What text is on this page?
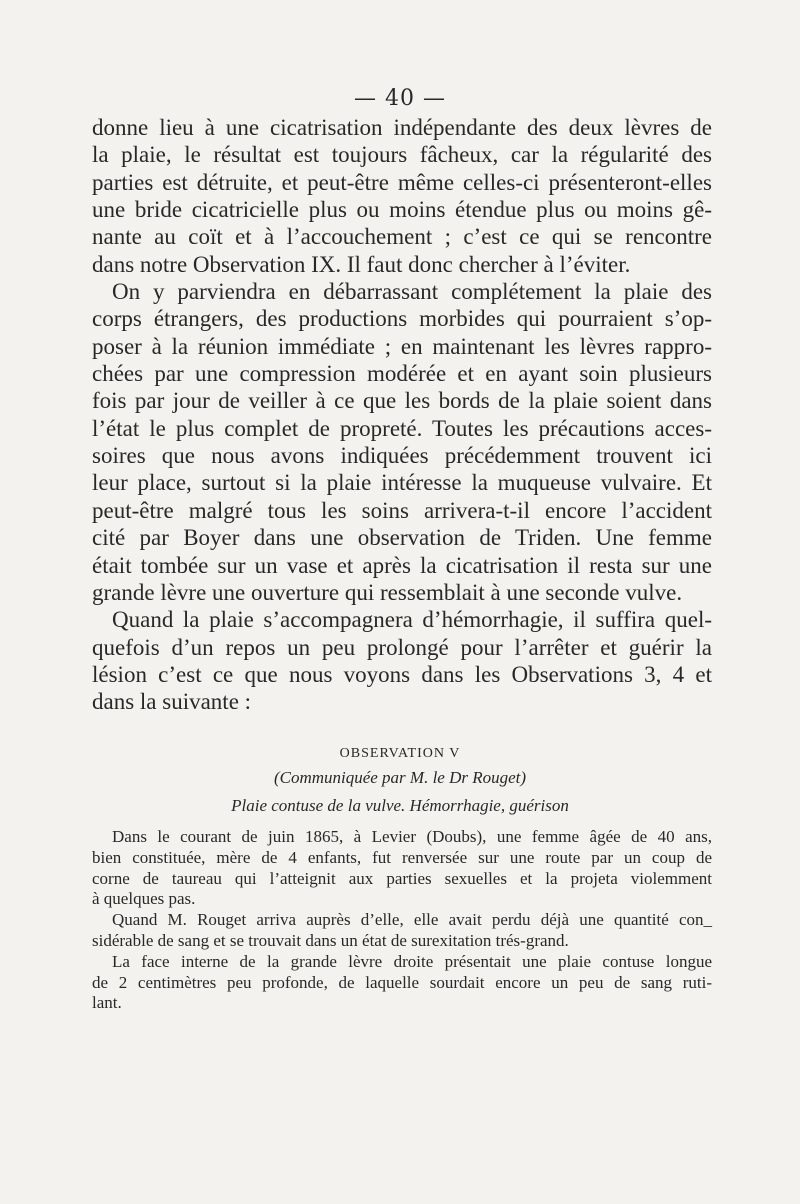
— 40 —
donne lieu à une cicatrisation indépendante des deux lèvres de
la plaie, le résultat est toujours fâcheux, car la régularité des
parties est détruite, et peut-être même celles-ci présenteront-elles
une bride cicatricielle plus ou moins étendue plus ou moins gê-
nante au coït et à l’accouchement ; c’est ce qui se rencontre
dans notre Observation IX. Il faut donc chercher à l’éviter.
On y parviendra en débarrassant complétement la plaie des
corps étrangers, des productions morbides qui pourraient s’op-
poser à la réunion immédiate ; en maintenant les lèvres rappro-
chées par une compression modérée et en ayant soin plusieurs
fois par jour de veiller à ce que les bords de la plaie soient dans
l’état le plus complet de propreté. Toutes les précautions acces-
soires que nous avons indiquées précédemment trouvent ici
leur place, surtout si la plaie intéresse la muqueuse vulvaire. Et
peut-être malgré tous les soins arrivera-t-il encore l’accident
cité par Boyer dans une observation de Triden. Une femme
était tombée sur un vase et après la cicatrisation il resta sur une
grande lèvre une ouverture qui ressemblait à une seconde vulve.
Quand la plaie s’accompagnera d’hémorrhagie, il suffira quel-
quefois d’un repos un peu prolongé pour l’arrêter et guérir la
lésion c’est ce que nous voyons dans les Observations 3, 4 et
dans la suivante :
OBSERVATION V
(Communiquée par M. le Dr Rouget)
Plaie contuse de la vulve. Hémorrhagie, guérison
Dans le courant de juin 1865, à Levier (Doubs), une femme âgée de 40 ans,
bien constituée, mère de 4 enfants, fut renversée sur une route par un coup de
corne de taureau qui l’atteignit aux parties sexuelles et la projeta violemment
à quelques pas.
Quand M. Rouget arriva auprès d’elle, elle avait perdu déjà une quantité con_
sidérable de sang et se trouvait dans un état de surexitation trés-grand.
La face interne de la grande lèvre droite présentait une plaie contuse longue
de 2 centimètres peu profonde, de laquelle sourdait encore un peu de sang ruti-
lant.
